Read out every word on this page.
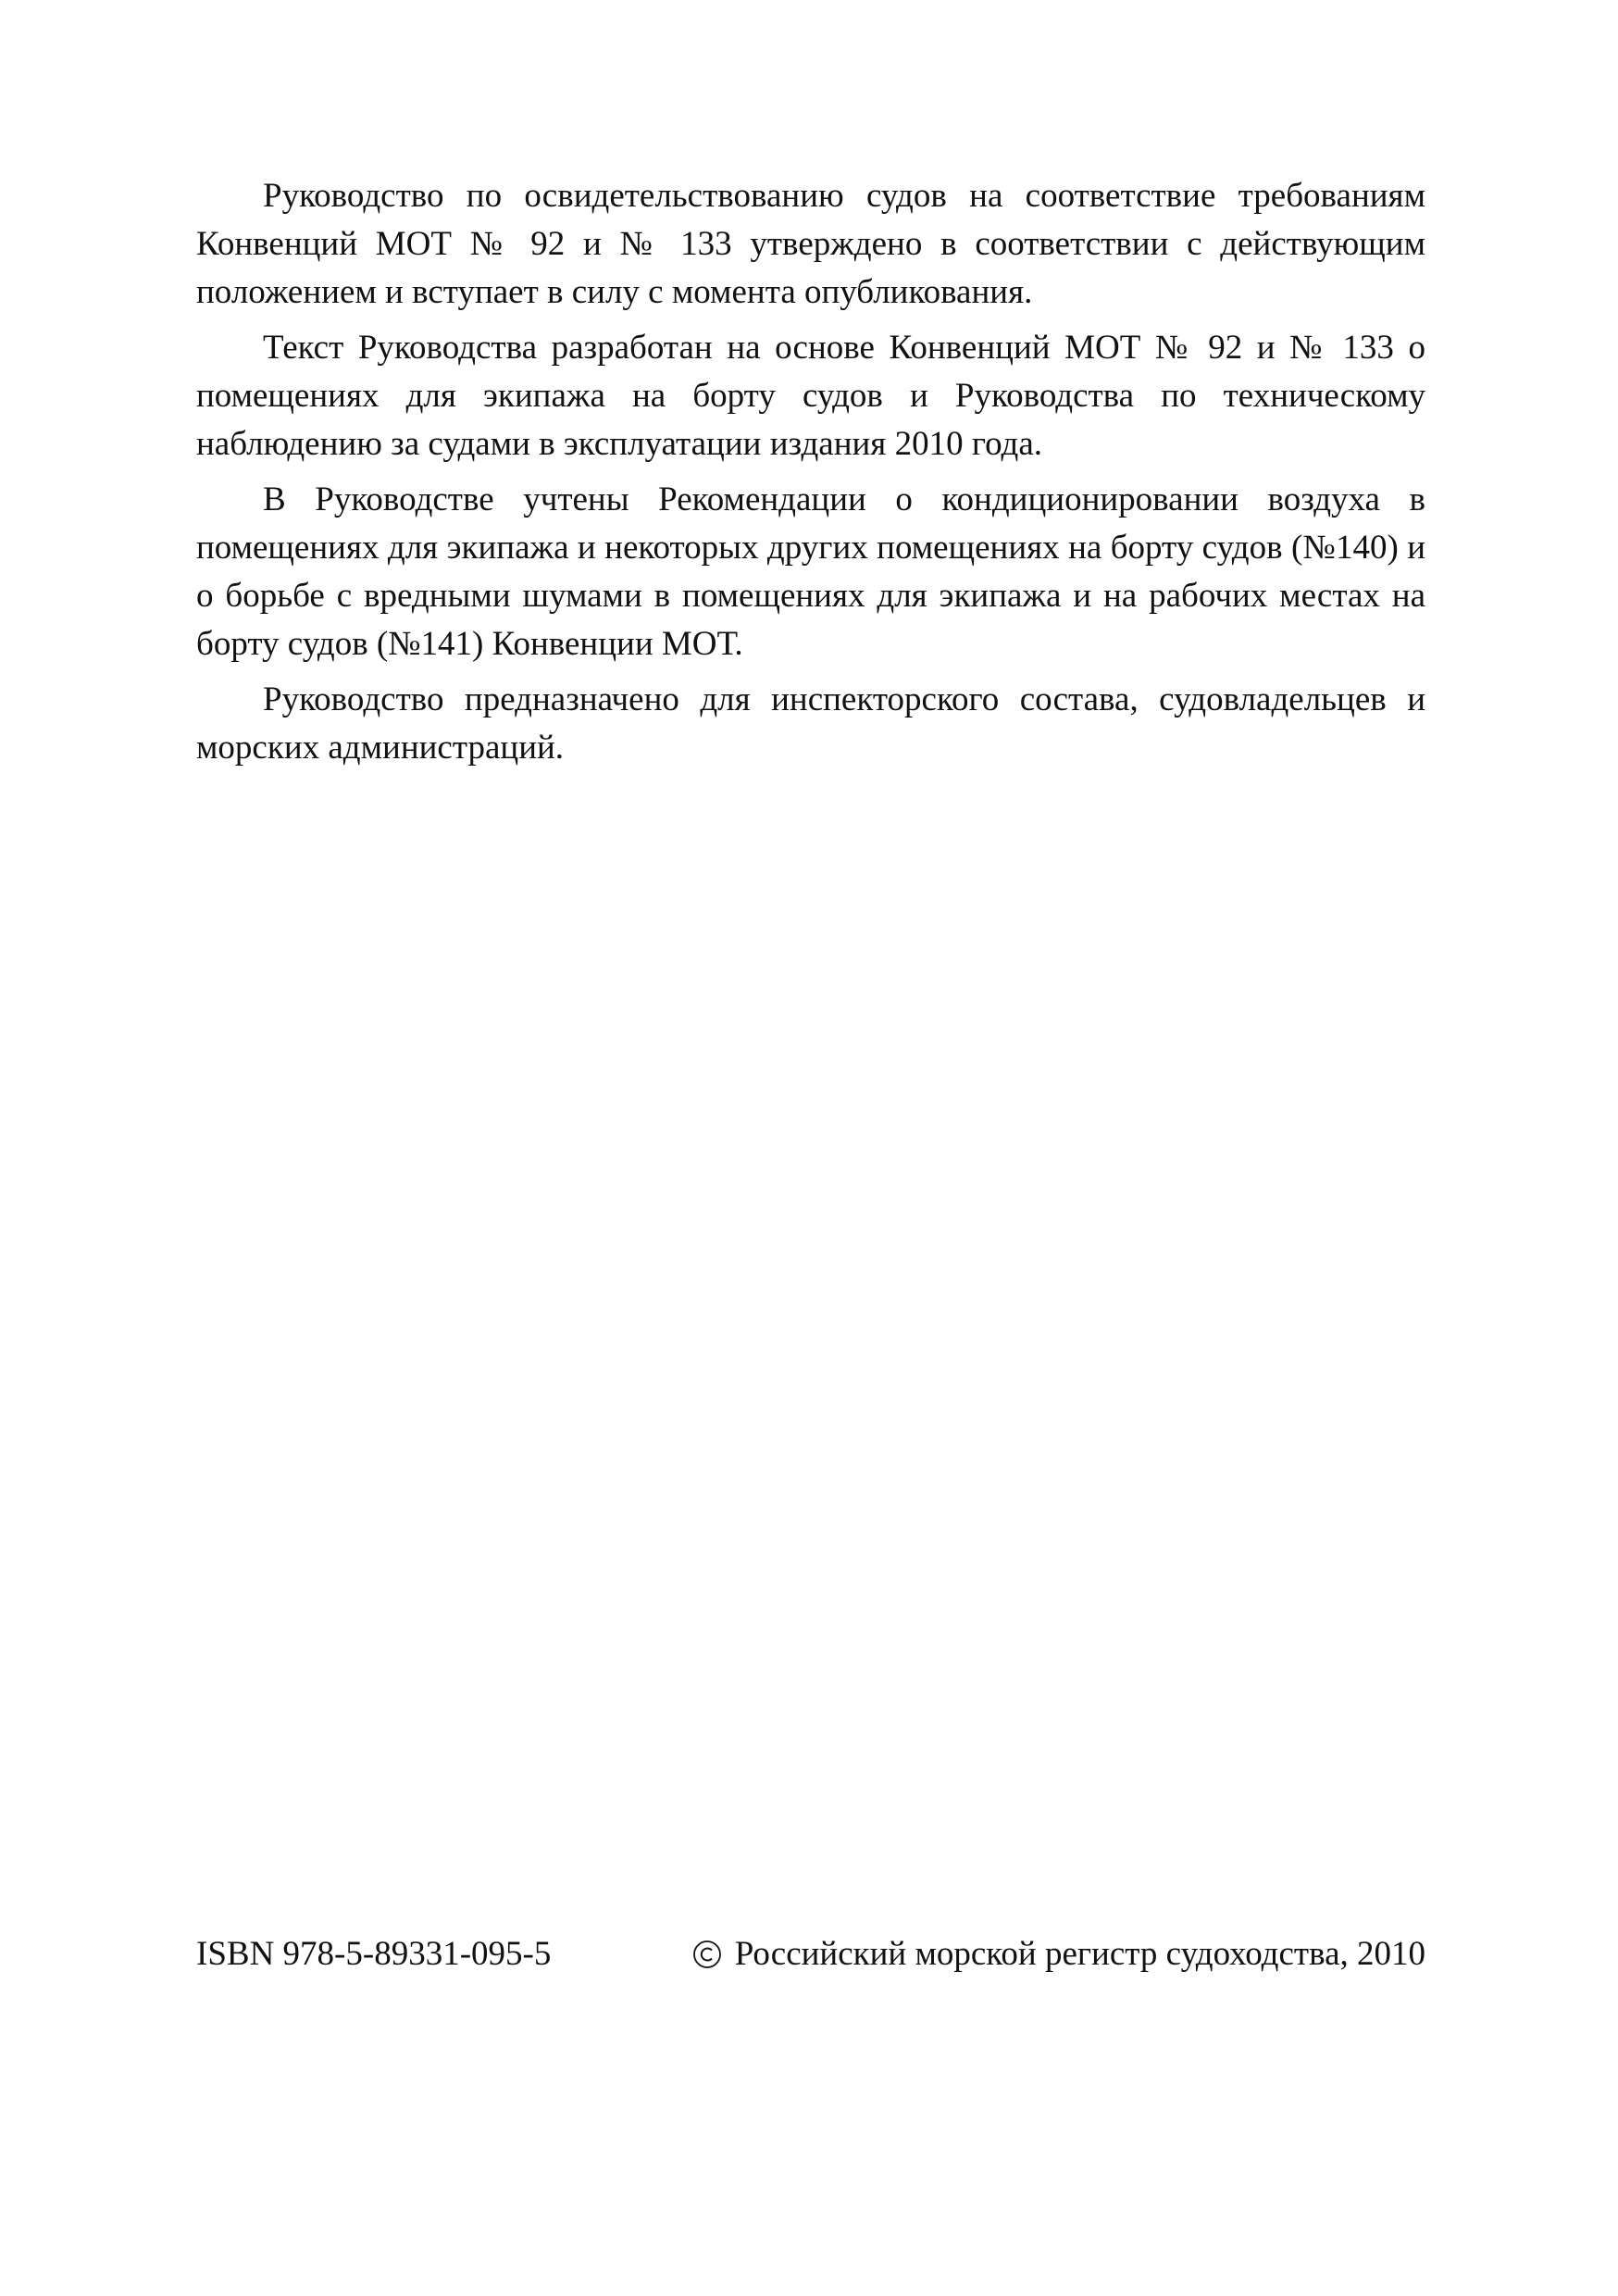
Руководство по освидетельствованию судов на соответствие требованиям Конвенций МОТ № 92 и № 133 утверждено в соответствии с действующим положением и вступает в силу с момента опубликования.

Текст Руководства разработан на основе Конвенций МОТ № 92 и № 133 о помещениях для экипажа на борту судов и Руководства по техническому наблюдению за судами в эксплуатации издания 2010 года.

В Руководстве учтены Рекомендации о кондиционировании воздуха в помещениях для экипажа и некоторых других помещениях на борту судов (№140) и о борьбе с вредными шумами в помещениях для экипажа и на рабочих местах на борту судов (№141) Конвенции МОТ.

Руководство предназначено для инспекторского состава, судовладельцев и морских администраций.

ISBN 978-5-89331-095-5	Российский морской регистр судоходства, 2010
